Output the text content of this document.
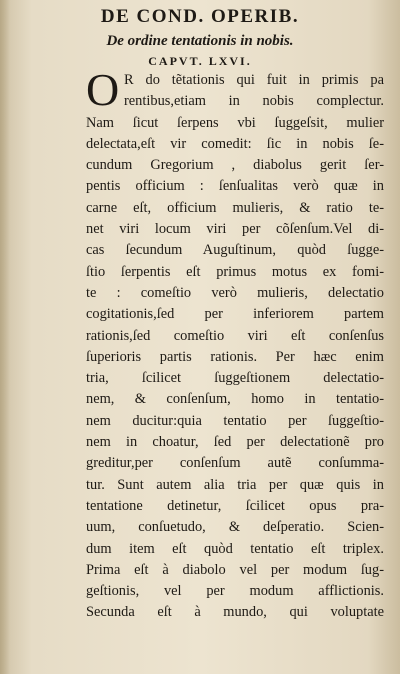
DE COND. OPERIB.
De ordine tentationis in nobis.
CAPVT. LXVI.
O R do tẽtationis qui fuit in primis pa
rentibus,etiam in nobis complectur.
Nam ſicut ſerpens vbi ſuggeſsit, mulier
delectata,eſt vir comedit: ſic in nobis ſe-
cundum Gregorium , diabolus gerit ſer-
pentis officium : ſenſualitas verò quæ in
carne eſt, officium mulieris, & ratio te-
net viri locum viri per cõſenſum.Vel di-
cas ſecundum Auguſtinum, quòd ſugge-
ſtio ſerpentis eſt primus motus ex fomi-
te : comeſtio verò mulieris, delectatio
cogitationis,ſed per inferiorem partem
rationis,ſed comeſtio viri eſt conſenſus
ſuperioris partis rationis. Per hæc enim
tria, ſcilicet ſuggeſtionem delectatio-
nem, & conſenſum, homo in tentatio-
nem ducitur:quia tentatio per ſuggeſtio-
nem in choatur, ſed per delectationẽ pro
greditur,per conſenſum autẽ conſumma-
tur. Sunt autem alia tria per quæ quis in
tentatione detinetur, ſcilicet opus pra-
uum, conſuetudo, & deſperatio. Scien-
dum item eſt quòd tentatio eſt triplex.
Prima eſt à diabolo vel per modum ſug-
geſtionis, vel per modum afflictionis.
Secunda eſt à mundo, qui voluptate
